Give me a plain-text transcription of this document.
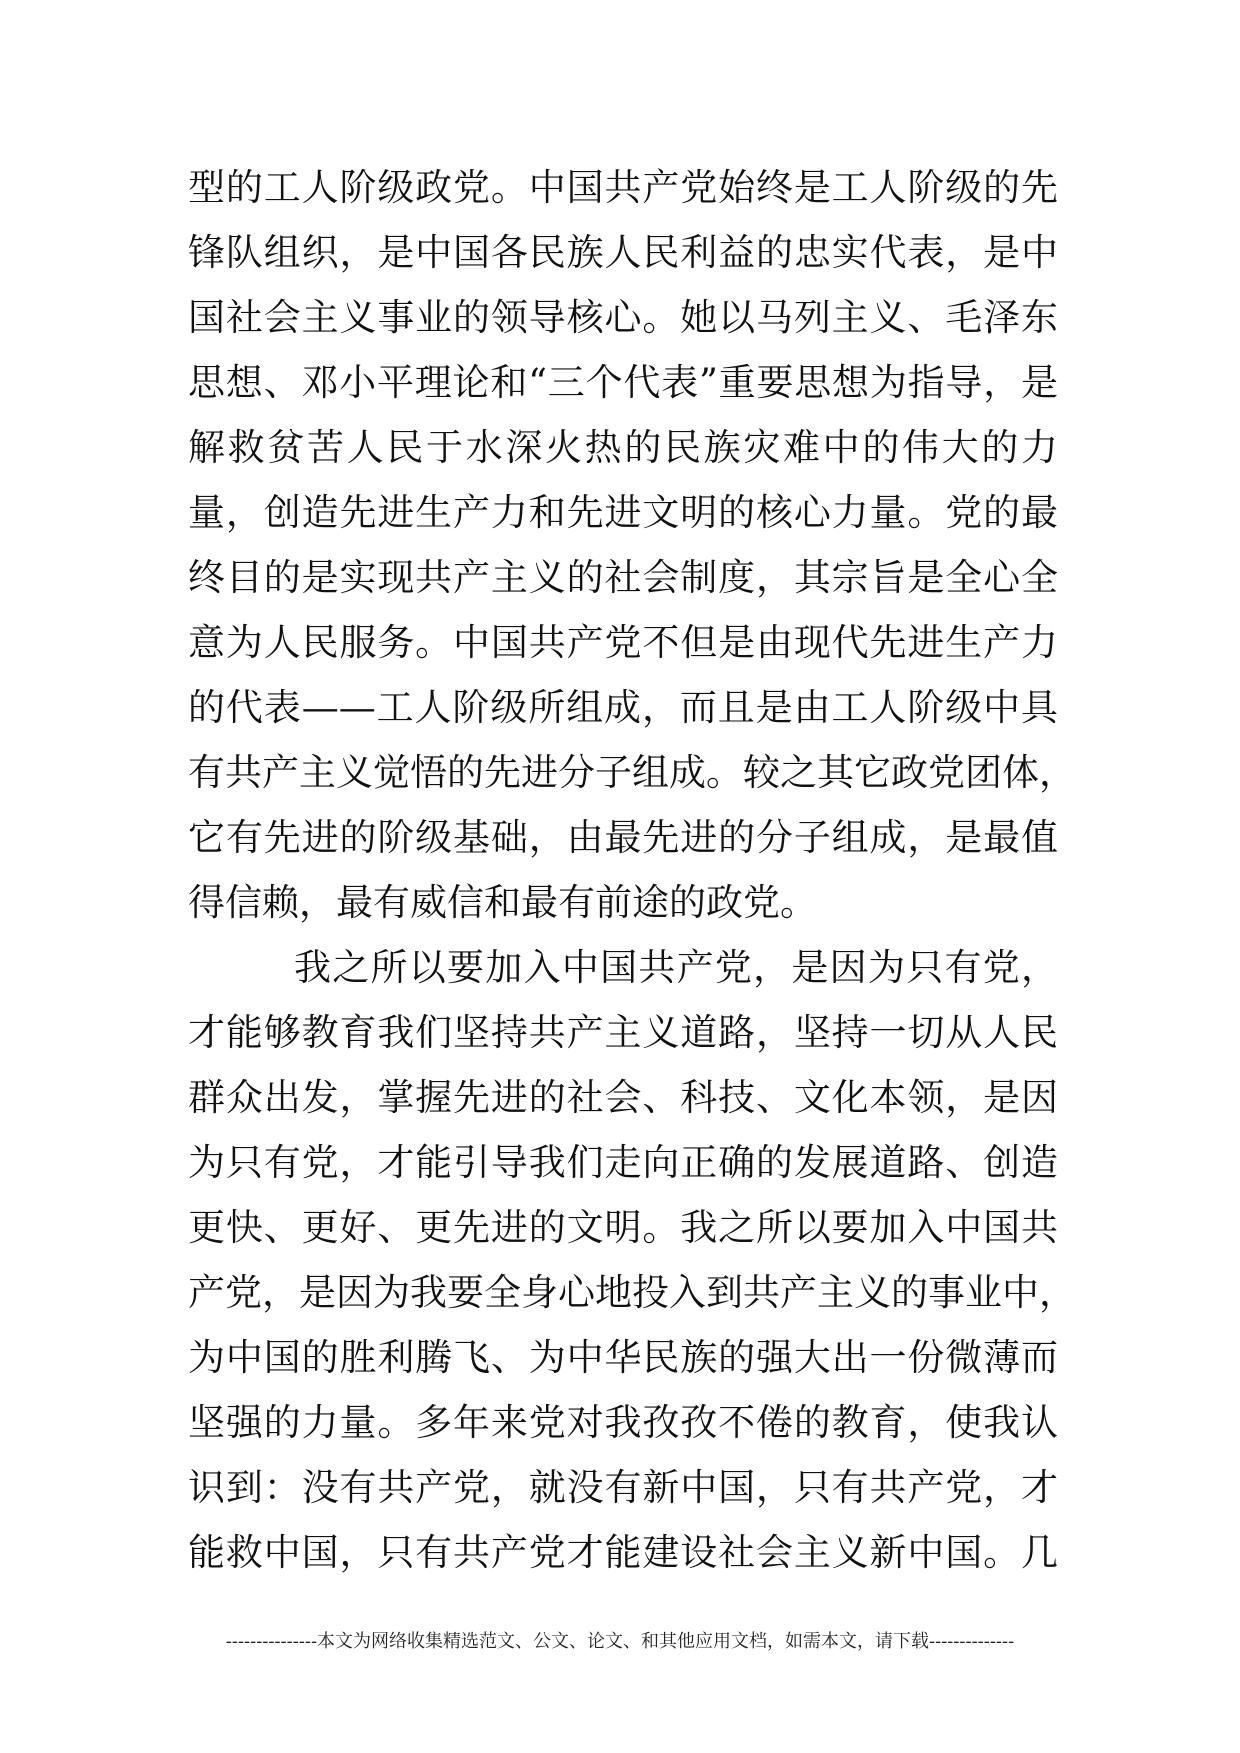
型的工人阶级政党。中国共产党始终是工人阶级的先
锋队组织，是中国各民族人民利益的忠实代表，是中
国社会主义事业的领导核心。她以马列主义、毛泽东
思想、邓小平理论和“三个代表”重要思想为指导，是
解救贫苦人民于水深火热的民族灾难中的伟大的力
量，创造先进生产力和先进文明的核心力量。党的最
终目的是实现共产主义的社会制度，其宗旨是全心全
意为人民服务。中国共产党不但是由现代先进生产力
的代表——工人阶级所组成，而且是由工人阶级中具
有共产主义觉悟的先进分子组成。较之其它政党团体，
它有先进的阶级基础，由最先进的分子组成，是最值
得信赖，最有威信和最有前途的政党。
我之所以要加入中国共产党，是因为只有党，
才能够教育我们坚持共产主义道路，坚持一切从人民
群众出发，掌握先进的社会、科技、文化本领，是因
为只有党，才能引导我们走向正确的发展道路、创造
更快、更好、更先进的文明。我之所以要加入中国共
产党，是因为我要全身心地投入到共产主义的事业中，
为中国的胜利腾飞、为中华民族的强大出一份微薄而
坚强的力量。多年来党对我孜孜不倦的教育，使我认
识到：没有共产党，就没有新中国，只有共产党，才
能救中国，只有共产党才能建设社会主义新中国。几
---------------本文为网络收集精选范文、公文、论文、和其他应用文档，如需本文，请下载--------------
